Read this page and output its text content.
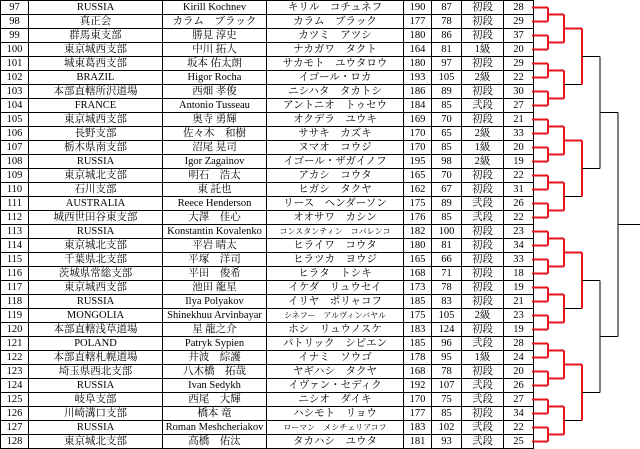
97	RUSSIA	Kirill Kochnev	キリル　コチュネフ	190	87	初段	28
98	真正会	カラム　ブラック	カラム　ブラック	177	78	初段	29
99	群馬東支部	勝見 淳史	カツミ　アツシ	180	86	初段	37
100	東京城西支部	中川 拓人	ナカガワ　タクト	164	81	1級	20
101	城東葛西支部	坂本 佑太朗	サカモト　ユウタロウ	180	97	初段	29
102	BRAZIL	Higor Rocha	イゴール・ロカ	193	105	2級	22
103	本部直轄所沢道場	西畑 孝俊	ニシハタ　タカトシ	186	89	初段	30
104	FRANCE	Antonio Tusseau	アントニオ　トゥセウ	184	85	弐段	27
105	東京城西支部	奥寺 勇輝	オクデラ　ユウキ	169	70	初段	21
106	長野支部	佐々木　和樹	ササキ　カズキ	170	65	2級	33
107	栃木県南支部	沼尾 晃司	ヌマオ　コウジ	170	85	1級	20
108	RUSSIA	Igor Zagainov	イゴール・ザガイノフ	195	98	2級	19
109	東京城北支部	明石　浩太	アカシ　コウタ	165	70	初段	22
110	石川支部	東 託也	ヒガシ　タクヤ	162	67	初段	31
111	AUSTRALIA	Reece Henderson	リース　ヘンダーソン	175	89	弐段	26
112	城西世田谷東支部	大澤　佳心	オオサワ　カシン	176	85	弐段	22
113	RUSSIA	Konstantin Kovalenko	コンスタンティン　コバレンコ	182	100	初段	23
114	東京城北支部	平岩 晴太	ヒライワ　コウタ	180	81	初段	34
115	千葉県北支部	平塚　洋司	ヒラツカ　ヨウジ	165	66	初段	33
116	茨城県常総支部	平田　俊希	ヒラタ　トシキ	168	71	初段	18
117	東京城西支部	池田 龍星	イケダ　リュウセイ	173	78	初段	19
118	RUSSIA	Ilya Polyakov	イリヤ　ポリャコフ	185	83	初段	21
119	MONGOLIA	Shinekhuu Arvinbayar	シネフー　アルヴィンバヤル	175	105	2級	23
120	本部直轄浅草道場	星 龍之介	ホシ　リュウノスケ	183	124	初段	19
121	POLAND	Patryk Sypien	パトリック　シピエン	185	96	弐段	28
122	本部直轄札幌道場	井波　綜護	イナミ　ソウゴ	178	95	1級	24
123	埼玉県西北支部	八木橋　拓哉	ヤギハシ　タクヤ	168	78	初段	20
124	RUSSIA	Ivan Sedykh	イヴァン・セディク	192	107	弐段	26
125	岐阜支部	西尾　大輝	ニシオ　ダイキ	170	75	弐段	27
126	川崎溝口支部	橋本 竜	ハシモト　リョウ	177	85	初段	34
127	RUSSIA	Roman Meshcheriakov	ローマン　メシチェリアコフ	183	102	弐段	22
128	東京城北支部	高橋　佑汰	タカハシ　ユウタ	181	93	弐段	25
